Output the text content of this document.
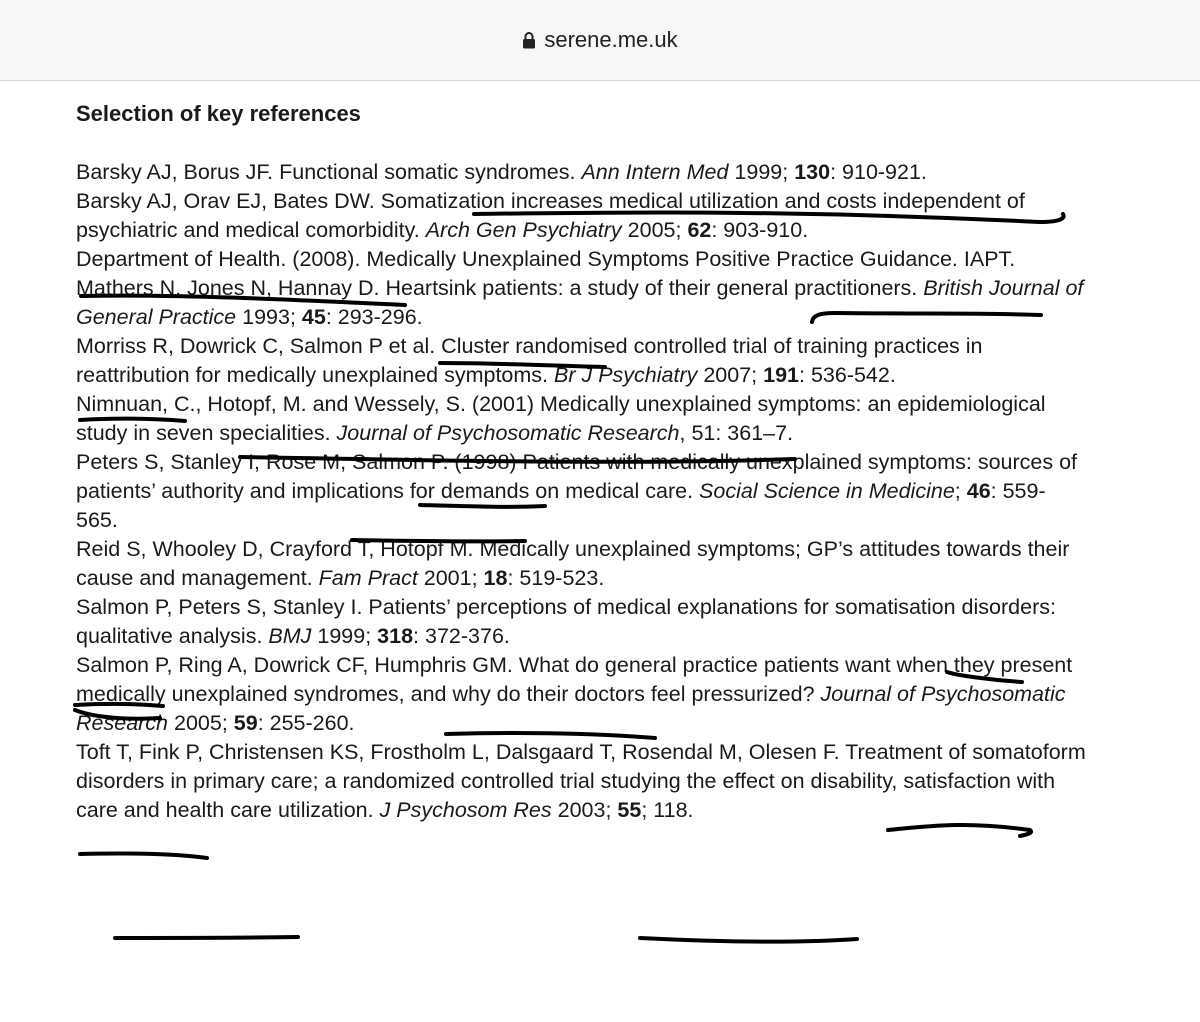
serene.me.uk
Selection of key references

Barsky AJ, Borus JF. Functional somatic syndromes. Ann Intern Med 1999; 130: 910-921.

Barsky AJ, Orav EJ, Bates DW. Somatization increases medical utilization and costs independent of psychiatric and medical comorbidity. Arch Gen Psychiatry 2005; 62: 903-910.

Department of Health. (2008). Medically Unexplained Symptoms Positive Practice Guidance. IAPT.

Mathers N, Jones N, Hannay D. Heartsink patients: a study of their general practitioners. British Journal of General Practice 1993; 45: 293-296.

Morriss R, Dowrick C, Salmon P et al. Cluster randomised controlled trial of training practices in reattribution for medically unexplained symptoms. Br J Psychiatry 2007; 191: 536-542.

Nimnuan, C., Hotopf, M. and Wessely, S. (2001) Medically unexplained symptoms: an epidemiological study in seven specialities. Journal of Psychosomatic Research, 51: 361–7.

Peters S, Stanley I, Rose M, Salmon P. (1998) Patients with medically unexplained symptoms: sources of patients’ authority and implications for demands on medical care. Social Science in Medicine; 46: 559-565.

Reid S, Whooley D, Crayford T, Hotopf M. Medically unexplained symptoms; GP’s attitudes towards their cause and management. Fam Pract 2001; 18: 519-523.

Salmon P, Peters S, Stanley I. Patients’ perceptions of medical explanations for somatisation disorders: qualitative analysis. BMJ 1999; 318: 372-376.

Salmon P, Ring A, Dowrick CF, Humphris GM. What do general practice patients want when they present medically unexplained syndromes, and why do their doctors feel pressurized? Journal of Psychosomatic Research 2005; 59: 255-260.

Toft T, Fink P, Christensen KS, Frostholm L, Dalsgaard T, Rosendal M, Olesen F. Treatment of somatoform disorders in primary care; a randomized controlled trial studying the effect on disability, satisfaction with care and health care utilization. J Psychosom Res 2003; 55; 118.
